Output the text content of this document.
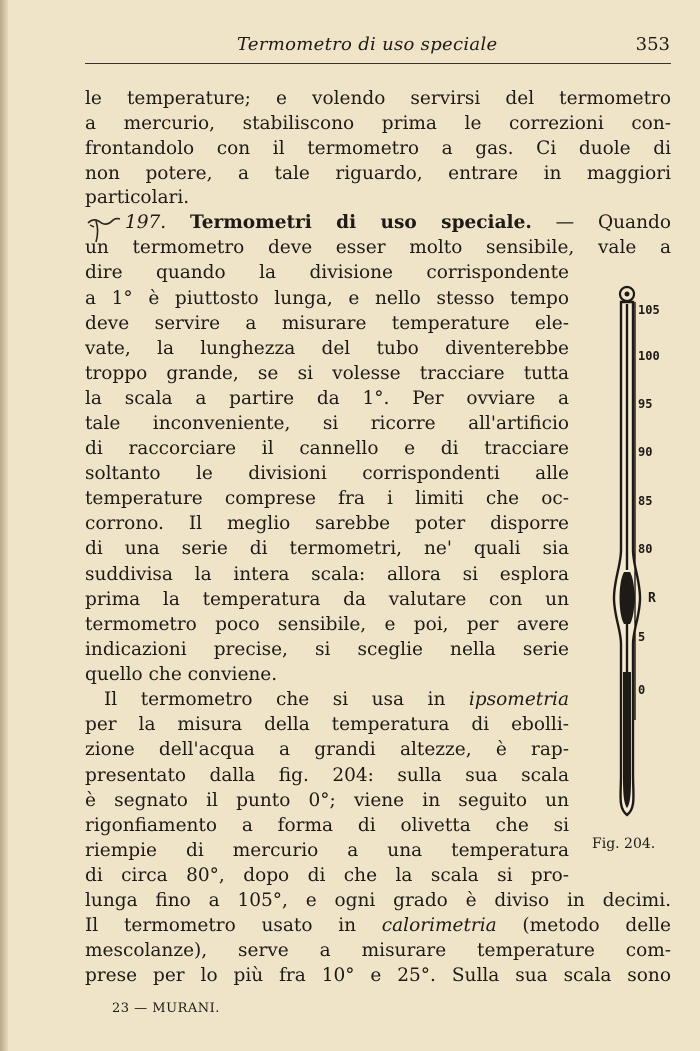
Termometro di uso speciale	353
le temperature; e volendo servirsi del termometro
a mercurio, stabiliscono prima le correzioni con-
frontandolo con il termometro a gas. Ci duole di
non potere, a tale riguardo, entrare in maggiori
particolari.
197. Termometri di uso speciale. — Quando
un termometro deve esser molto sensibile, vale a
dire quando la divisione corrispondente
a 1° è piuttosto lunga, e nello stesso tempo
deve servire a misurare temperature ele-
vate, la lunghezza del tubo diventerebbe
troppo grande, se si volesse tracciare tutta
la scala a partire da 1°. Per ovviare a
tale inconveniente, si ricorre all'artificio
di raccorciare il cannello e di tracciare
soltanto le divisioni corrispondenti alle
temperature comprese fra i limiti che oc-
corrono. Il meglio sarebbe poter disporre
di una serie di termometri, ne' quali sia
suddivisa la intera scala: allora si esplora
prima la temperatura da valutare con un
termometro poco sensibile, e poi, per avere
indicazioni precise, si sceglie nella serie
quello che conviene.
Il termometro che si usa in ipsometria
per la misura della temperatura di ebolli-
zione dell'acqua a grandi altezze, è rap-
presentato dalla fig. 204: sulla sua scala
è segnato il punto 0°; viene in seguito un
rigonfiamento a forma di olivetta che si
riempie di mercurio a una temperatura
di circa 80°, dopo di che la scala si pro-
lunga fino a 105°, e ogni grado è diviso in decimi.
Il termometro usato in calorimetria (metodo delle
mescolanze), serve a misurare temperature com-
prese per lo più fra 10° e 25°. Sulla sua scala sono
105
100
95
90
85
80
R
5
0
Fig. 204.
23 — MURANI.
